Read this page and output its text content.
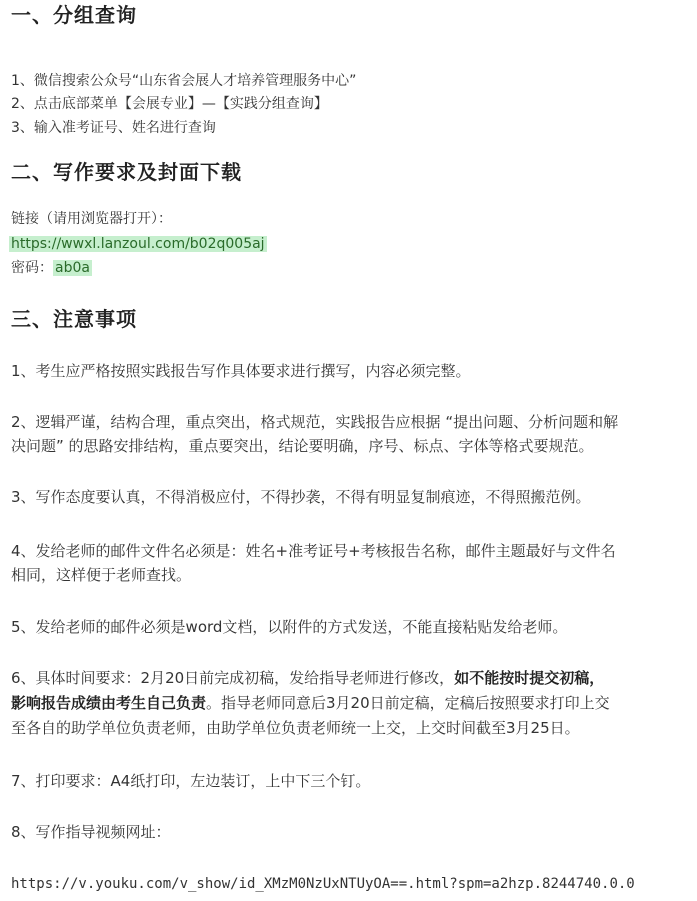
一、分组查询
1、微信搜索公众号“山东省会展人才培养管理服务中心”
2、点击底部菜单【会展专业】—【实践分组查询】
3、输入准考证号、姓名进行查询
二、写作要求及封面下载
链接（请用浏览器打开）：
https://wwxl.lanzoul.com/b02q005aj
密码： ab0a
三、注意事项
1、考生应严格按照实践报告写作具体要求进行撰写，内容必须完整。
2、逻辑严谨，结构合理，重点突出，格式规范，实践报告应根据 “提出问题、分析问题和解
决问题” 的思路安排结构，重点要突出，结论要明确，序号、标点、字体等格式要规范。
3、写作态度要认真，不得消极应付，不得抄袭，不得有明显复制痕迹，不得照搬范例。
4、发给老师的邮件文件名必须是：姓名+准考证号+考核报告名称，邮件主题最好与文件名
相同，这样便于老师查找。
5、发给老师的邮件必须是word文档，以附件的方式发送，不能直接粘贴发给老师。
6、具体时间要求：2月20日前完成初稿，发给指导老师进行修改，如不能按时提交初稿，
影响报告成绩由考生自己负责。指导老师同意后3月20日前定稿，定稿后按照要求打印上交
至各自的助学单位负责老师，由助学单位负责老师统一上交，上交时间截至3月25日。
7、打印要求：A4纸打印，左边装订，上中下三个钉。
8、写作指导视频网址：
https://v.youku.com/v_show/id_XMzM0NzUxNTUyOA==.html?spm=a2hzp.8244740.0.0
